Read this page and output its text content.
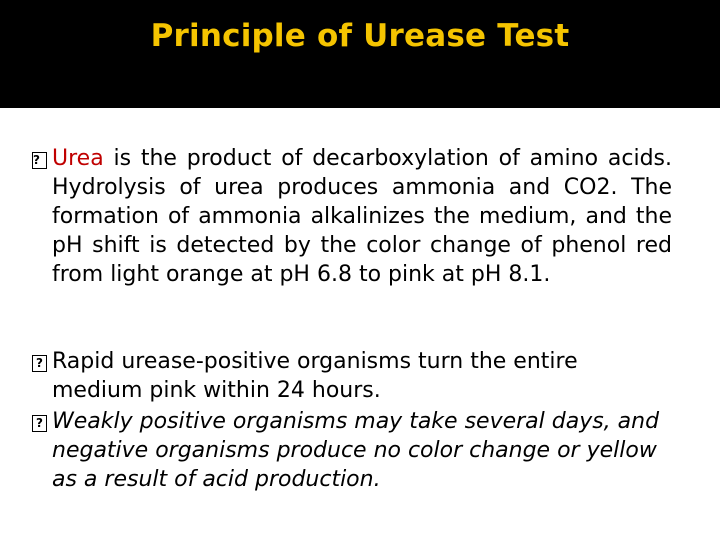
Principle of Urease Test
? Urea is the product of decarboxylation of amino acids. Hydrolysis of urea produces ammonia and CO2. The formation of ammonia alkalinizes the medium, and the pH shift is detected by the color change of phenol red from light orange at pH 6.8 to pink at pH 8.1.
? Rapid urease-positive organisms turn the entire medium pink within 24 hours.
? Weakly positive organisms may take several days, and negative organisms produce no color change or yellow as a result of acid production.
